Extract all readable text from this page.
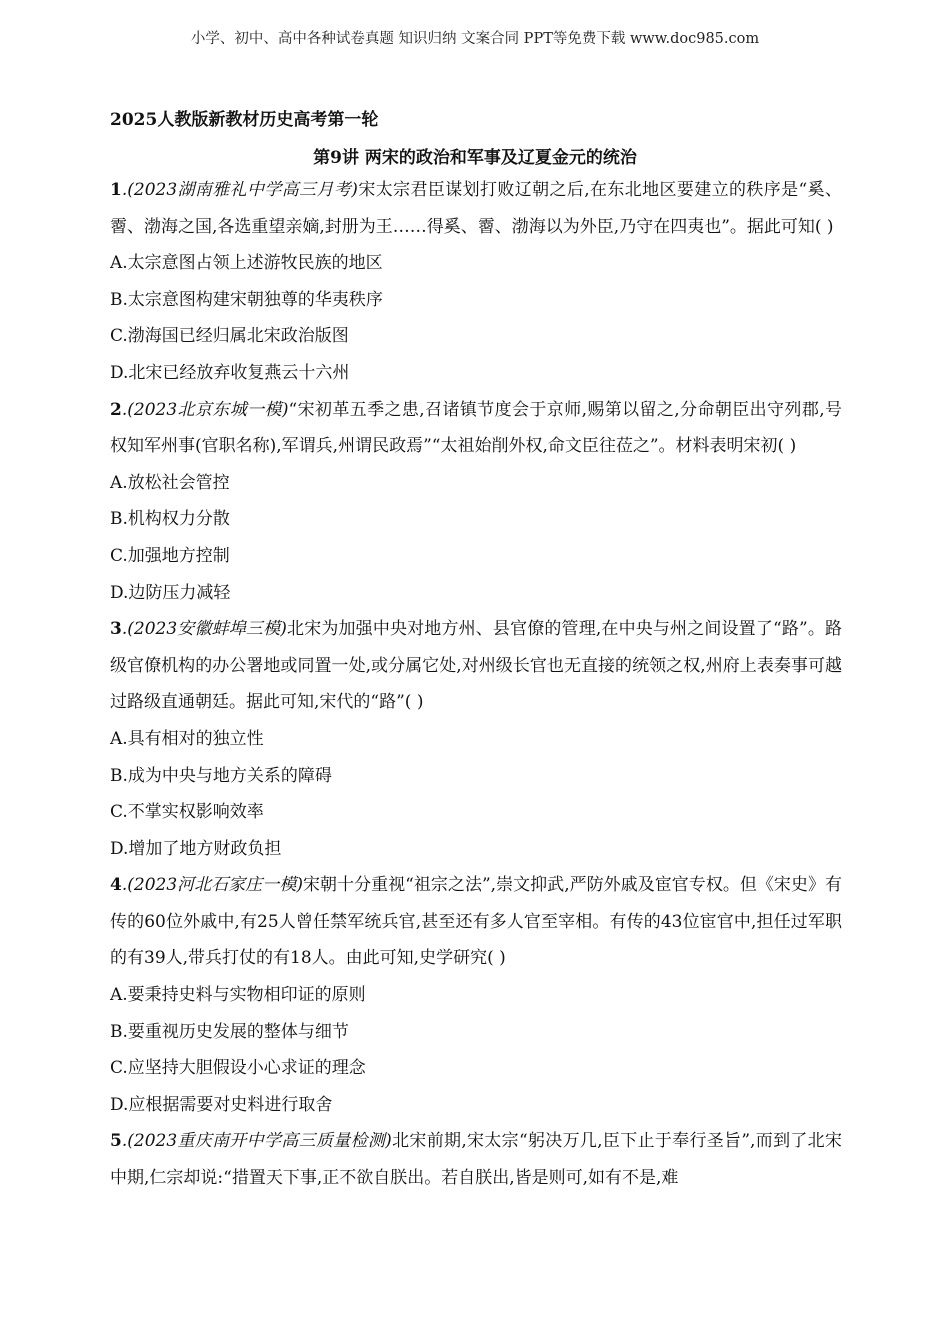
小学、初中、高中各种试卷真题 知识归纳 文案合同 PPT等免费下载 www.doc985.com
2025人教版新教材历史高考第一轮
第9讲 两宋的政治和军事及辽夏金元的统治
1.(2023湖南雅礼中学高三月考)宋太宗君臣谋划打败辽朝之后,在东北地区要建立的秩序是“奚、霫、渤海之国,各选重望亲嫡,封册为王……得奚、霫、渤海以为外臣,乃守在四夷也”。据此可知( )
A.太宗意图占领上述游牧民族的地区
B.太宗意图构建宋朝独尊的华夷秩序
C.渤海国已经归属北宋政治版图
D.北宋已经放弃收复燕云十六州
2.(2023北京东城一模)“宋初革五季之患,召诸镇节度会于京师,赐第以留之,分命朝臣出守列郡,号权知军州事(官职名称),军谓兵,州谓民政焉”“太祖始削外权,命文臣往莅之”。材料表明宋初( )
A.放松社会管控
B.机构权力分散
C.加强地方控制
D.边防压力减轻
3.(2023安徽蚌埠三模)北宋为加强中央对地方州、县官僚的管理,在中央与州之间设置了“路”。路级官僚机构的办公署地或同置一处,或分属它处,对州级长官也无直接的统领之权,州府上表奏事可越过路级直通朝廷。据此可知,宋代的“路”( )
A.具有相对的独立性
B.成为中央与地方关系的障碍
C.不掌实权影响效率
D.增加了地方财政负担
4.(2023河北石家庄一模)宋朝十分重视“祖宗之法”,崇文抑武,严防外戚及宦官专权。但《宋史》有传的60位外戚中,有25人曾任禁军统兵官,甚至还有多人官至宰相。有传的43位宦官中,担任过军职的有39人,带兵打仗的有18人。由此可知,史学研究( )
A.要秉持史料与实物相印证的原则
B.要重视历史发展的整体与细节
C.应坚持大胆假设小心求证的理念
D.应根据需要对史料进行取舍
5.(2023重庆南开中学高三质量检测)北宋前期,宋太宗“躬决万几,臣下止于奉行圣旨”,而到了北宋中期,仁宗却说:“措置天下事,正不欲自朕出。若自朕出,皆是则可,如有不是,难
